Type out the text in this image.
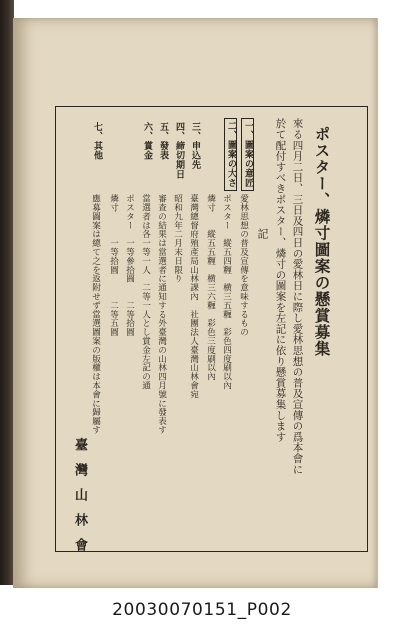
ポスター、燐寸圖案の懸賞募集
來る四月二日、三日及四日の愛林日に際し愛林思想の普及宣傳の爲本會に
於て配付すべきポスター、燐寸の圖案を左記に依り懸賞募集します
記
一、圖案の意匠
愛林思想の普及宣傳を意味するもの
二、圖案の大さ
ポスター　縱五四糎　横三五糎　彩色四度刷以內
燐寸　　縱五五糎　横三六糎　彩色三度刷以內
三、申込先
臺灣總督府殖產局山林課內　社團法人臺灣山林會宛
四、締切期日
昭和九年二月末日限り
五、發表
審查の結果は當選者に通知する外臺灣の山林四月號に發表す
六、賞金
當選者は各一等一人　二等一人とし賞金左記の通
ポスター　一等參拾圓　　二等拾圓
燐寸　　　一等拾圓　　　二等五圓
七、其他
應募圖案は總て之を返附せず當選圖案の版權は本會に歸屬す
臺灣山林會
20030070151_P002
